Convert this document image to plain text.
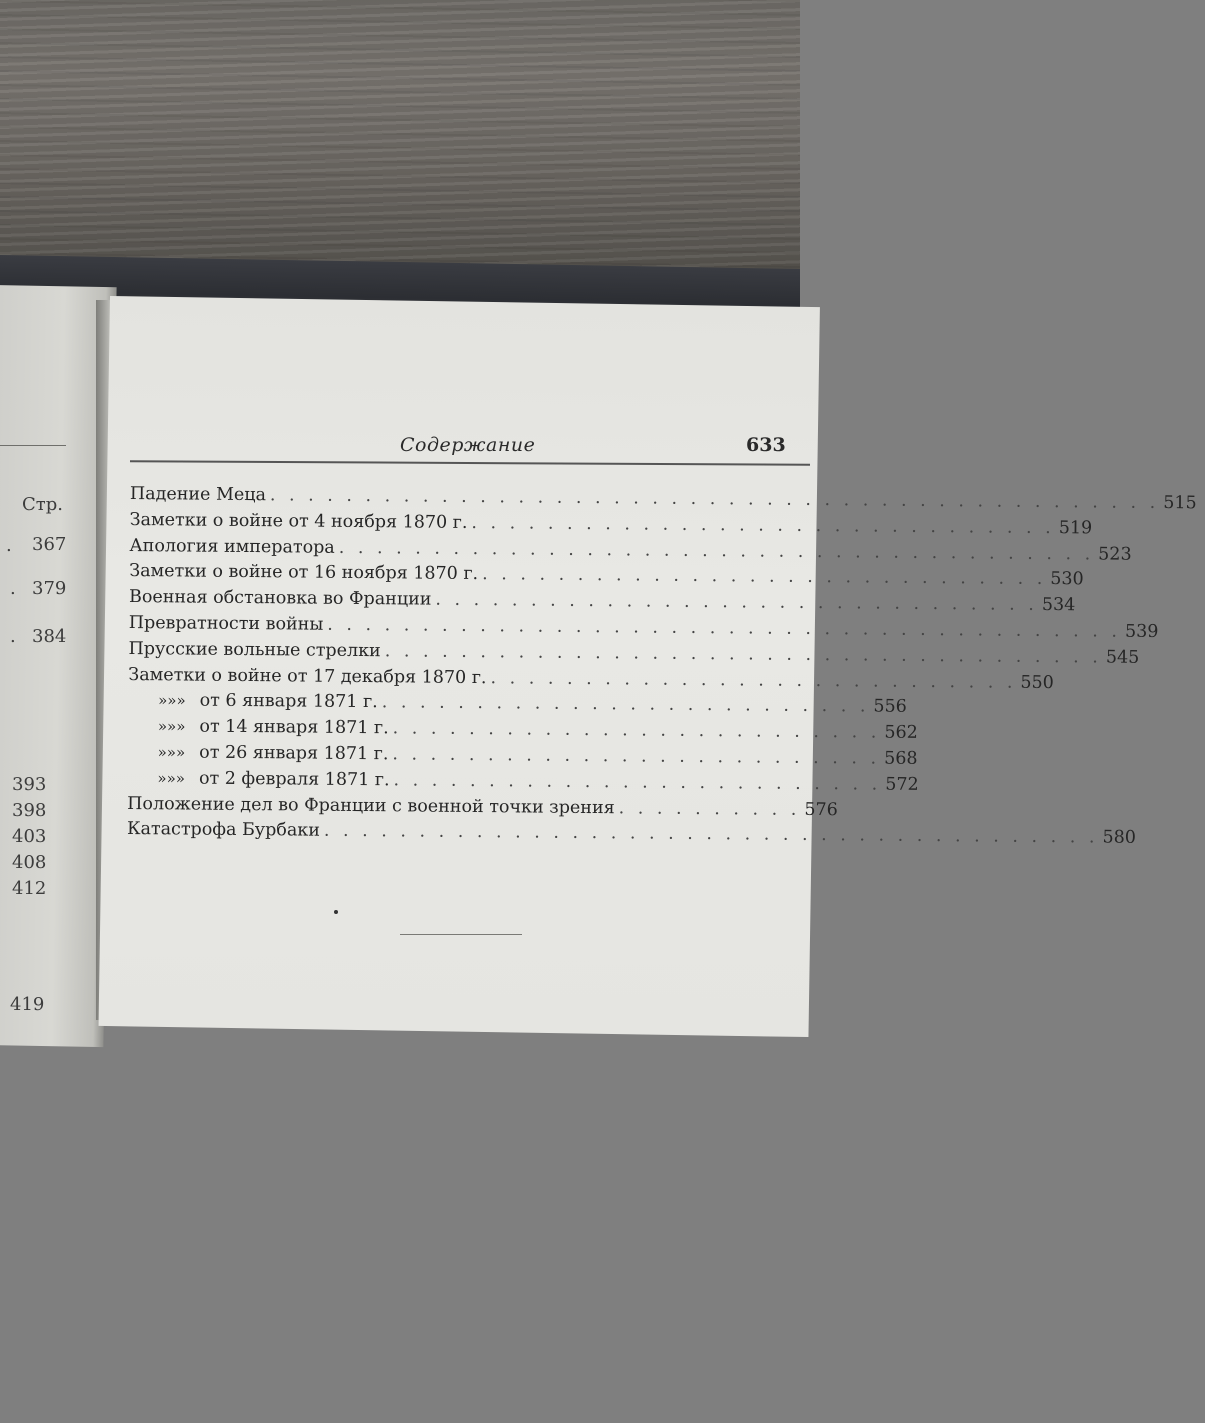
Стр.
. 367
. 379
. 384
393
398
403
408
412
419
Содержание	633
Падение Меца . . . . . . . . . . . . . . . . . . . . . . . . . . . . . . . . . . . . . . . . . . . . . . . 515
Заметки о войне от 4 ноября 1870 г. . . . . . . . . . . . . . . . . . . . . . . . . . . . . . . . 519
Апология императора . . . . . . . . . . . . . . . . . . . . . . . . . . . . . . . . . . . . . . . . 523
Заметки о войне от 16 ноября 1870 г. . . . . . . . . . . . . . . . . . . . . . . . . . . . . . . 530
Военная обстановка во Франции . . . . . . . . . . . . . . . . . . . . . . . . . . . . . . . . 534
Превратности войны . . . . . . . . . . . . . . . . . . . . . . . . . . . . . . . . . . . . . . . . . . 539
Прусские вольные стрелки . . . . . . . . . . . . . . . . . . . . . . . . . . . . . . . . . . . . . . 545
Заметки о войне от 17 декабря 1870 г. . . . . . . . . . . . . . . . . . . . . . . . . . . . . 550
» » » от 6 января 1871 г. . . . . . . . . . . . . . . . . . . . . . . . . . . 556
» » » от 14 января 1871 г. . . . . . . . . . . . . . . . . . . . . . . . . . . 562
» » » от 26 января 1871 г. . . . . . . . . . . . . . . . . . . . . . . . . . . 568
» » » от 2 февраля 1871 г. . . . . . . . . . . . . . . . . . . . . . . . . . . 572
Положение дел во Франции с военной точки зрения . . . . . . . . . . 576
Катастрофа Бурбаки . . . . . . . . . . . . . . . . . . . . . . . . . . . . . . . . . . . . . . . . . 580
